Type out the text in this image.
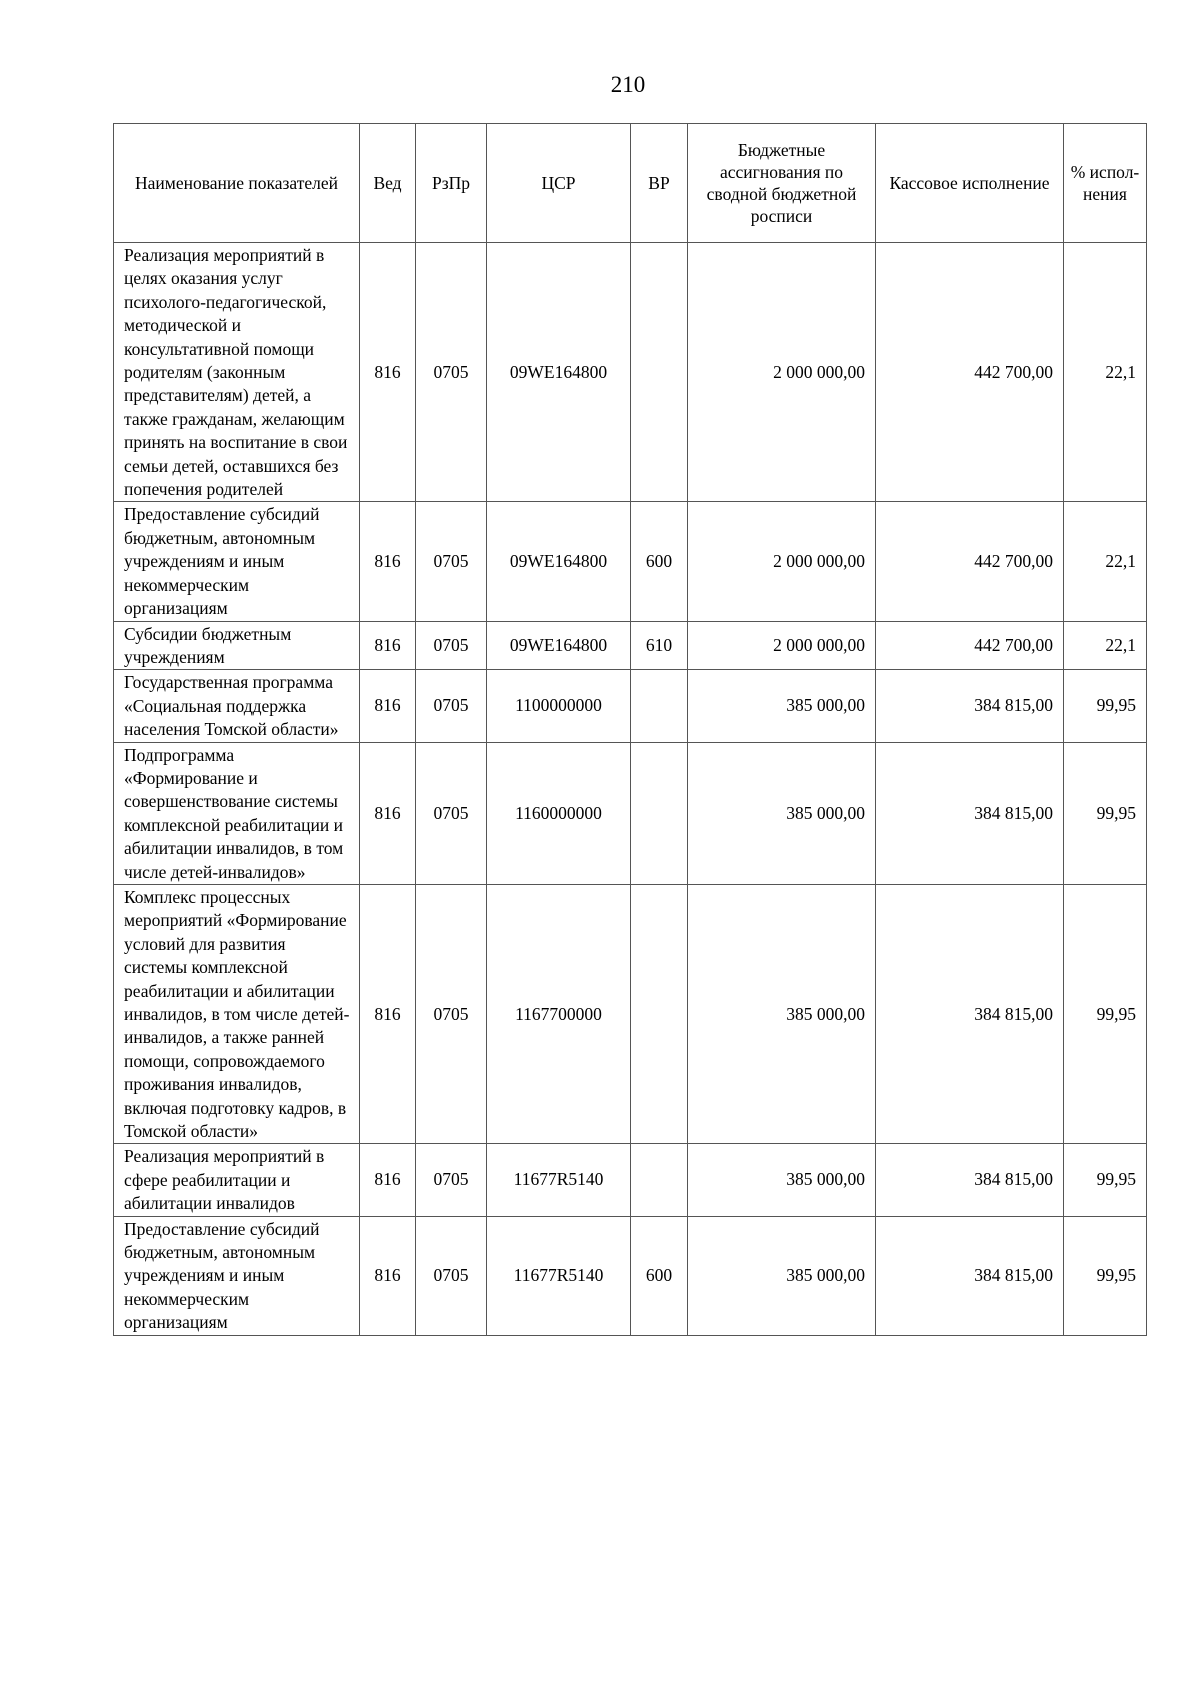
210
Наименование показателей	Вед	РзПр	ЦСР	ВР	Бюджетные ассигнования по сводной бюджетной росписи	Кассовое исполнение	% испол-нения
Реализация мероприятий в целях оказания услуг психолого-педагогической, методической и консультативной помощи родителям (законным представителям) детей, а также гражданам, желающим принять на воспитание в свои семьи детей, оставшихся без попечения родителей	816	0705	09WE164800		2 000 000,00	442 700,00	22,1
Предоставление субсидий бюджетным, автономным учреждениям и иным некоммерческим организациям	816	0705	09WE164800	600	2 000 000,00	442 700,00	22,1
Субсидии бюджетным учреждениям	816	0705	09WE164800	610	2 000 000,00	442 700,00	22,1
Государственная программа «Социальная поддержка населения Томской области»	816	0705	1100000000		385 000,00	384 815,00	99,95
Подпрограмма «Формирование и совершенствование системы комплексной реабилитации и абилитации инвалидов, в том числе детей-инвалидов»	816	0705	1160000000		385 000,00	384 815,00	99,95
Комплекс процессных мероприятий «Формирование условий для развития системы комплексной реабилитации и абилитации инвалидов, в том числе детей-инвалидов, а также ранней помощи, сопровождаемого проживания инвалидов, включая подготовку кадров, в Томской области»	816	0705	1167700000		385 000,00	384 815,00	99,95
Реализация мероприятий в сфере реабилитации и абилитации инвалидов	816	0705	11677R5140		385 000,00	384 815,00	99,95
Предоставление субсидий бюджетным, автономным учреждениям и иным некоммерческим организациям	816	0705	11677R5140	600	385 000,00	384 815,00	99,95
